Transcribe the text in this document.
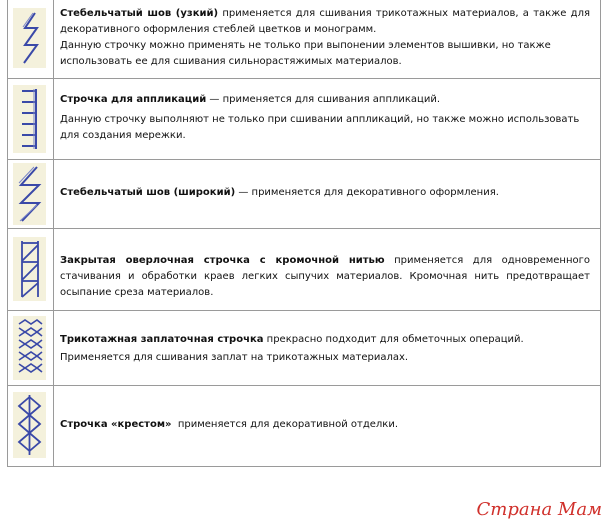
Стебельчатый шов (узкий) применяется для сшивания трикотажных материалов, а также для декоративного оформления стеблей цветков и монограмм.

Данную строчку можно применять не только при выпонении элементов вышивки, но также использовать ее для сшивания сильнорастяжимых материалов.

Строчка для аппликаций — применяется для сшивания аппликаций.

Данную строчку выполняют не только при сшивании аппликаций, но также можно использовать для создания мережки.

Стебельчатый шов (широкий) — применяется для декоративного оформления.

Закрытая оверлочная строчка с кромочной нитью применяется для одновременного стачивания и обработки краев легких сыпучих материалов. Кромочная нить предотвращает осыпание среза материалов.

Трикотажная заплаточная строчка прекрасно подходит для обметочных операций.

Применяется для сшивания заплат на трикотажных материалах.

Строчка «крестом»  применяется для декоративной отделки.

Страна Мам
